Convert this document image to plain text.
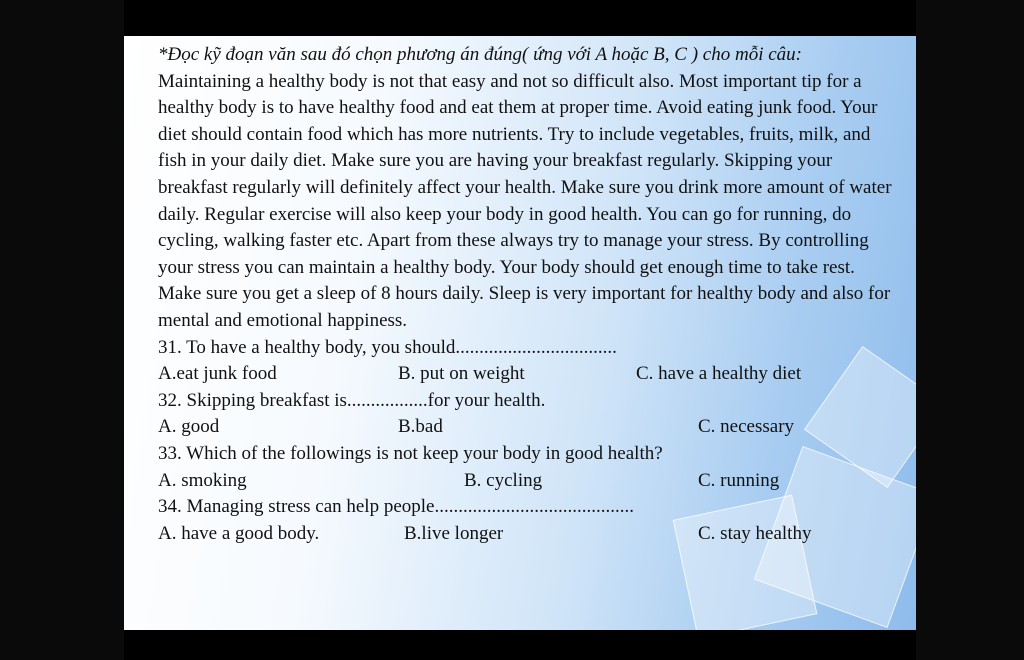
*Đọc kỹ đoạn văn sau đó chọn phương án đúng( ứng với A hoặc B, C ) cho mỗi câu:

Maintaining a healthy body is not that easy and not so difficult also. Most important tip for a healthy body is to have healthy food and eat them at proper time. Avoid eating junk food. Your diet should contain food which has more nutrients. Try to include vegetables, fruits, milk, and fish in your daily diet. Make sure you are having your breakfast regularly. Skipping your breakfast regularly will definitely affect your health. Make sure you drink more amount of water daily. Regular exercise will also keep your body in good health. You can go for running, do cycling, walking faster etc. Apart from these always try to manage your stress. By controlling your stress you can maintain a healthy body. Your body should get enough time to take rest. Make sure you get a sleep of 8 hours daily. Sleep is very important for healthy body and also for mental and emotional happiness.

31. To have a healthy body, you should..................................

A.eat junk food	B. put on weight	C. have a healthy diet

32. Skipping breakfast is.................for your health.

A. good	B.bad	C. necessary

33. Which of the followings is not keep your body in good health?

A. smoking	B. cycling	C. running

34. Managing stress can help people..........................................

A. have a good body.	B.live longer	C. stay healthy
